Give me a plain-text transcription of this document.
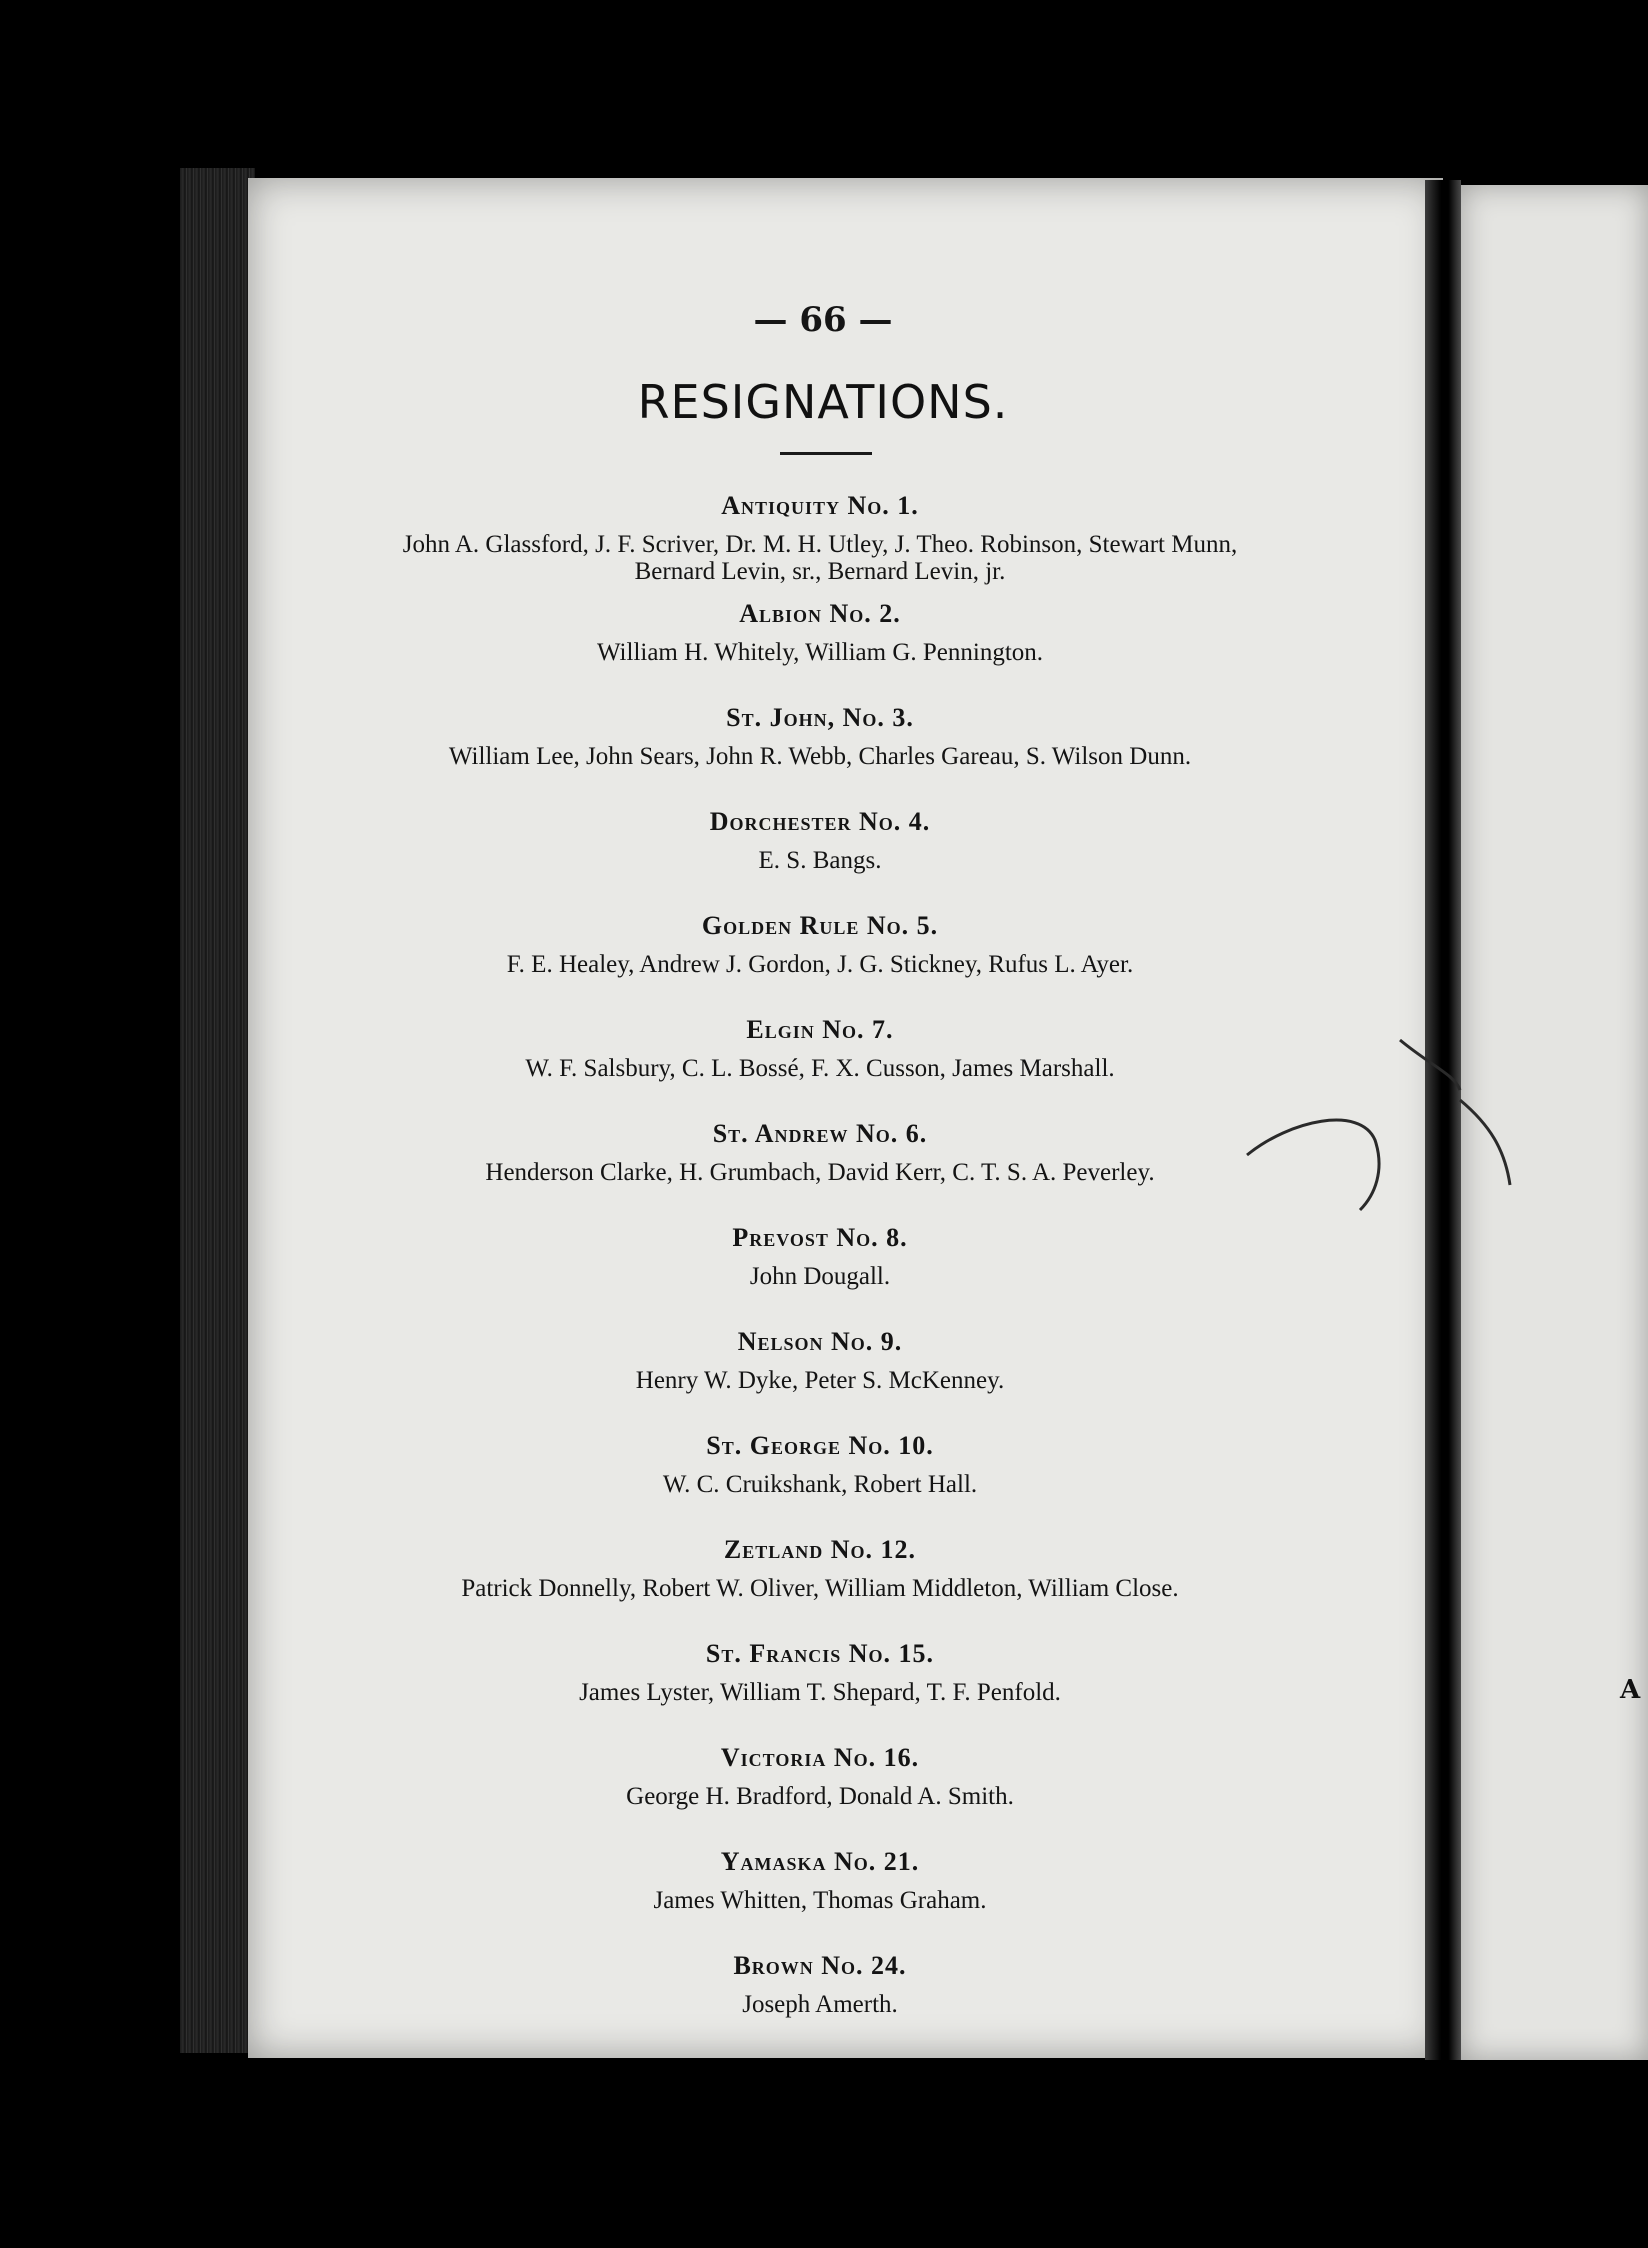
A
— 66 —
RESIGNATIONS.
Antiquity No. 1.
John A. Glassford, J. F. Scriver, Dr. M. H. Utley, J. Theo. Robinson, Stewart Munn, Bernard Levin, sr., Bernard Levin, jr.
Albion No. 2.
William H. Whitely, William G. Pennington.
St. John, No. 3.
William Lee, John Sears, John R. Webb, Charles Gareau, S. Wilson Dunn.
Dorchester No. 4.
E. S. Bangs.
Golden Rule No. 5.
F. E. Healey, Andrew J. Gordon, J. G. Stickney, Rufus L. Ayer.
Elgin No. 7.
W. F. Salsbury, C. L. Bossé, F. X. Cusson, James Marshall.
St. Andrew No. 6.
Henderson Clarke, H. Grumbach, David Kerr, C. T. S. A. Peverley.
Prevost No. 8.
John Dougall.
Nelson No. 9.
Henry W. Dyke, Peter S. McKenney.
St. George No. 10.
W. C. Cruikshank, Robert Hall.
Zetland No. 12.
Patrick Donnelly, Robert W. Oliver, William Middleton, William Close.
St. Francis No. 15.
James Lyster, William T. Shepard, T. F. Penfold.
Victoria No. 16.
George H. Bradford, Donald A. Smith.
Yamaska No. 21.
James Whitten, Thomas Graham.
Brown No. 24.
Joseph Amerth.
